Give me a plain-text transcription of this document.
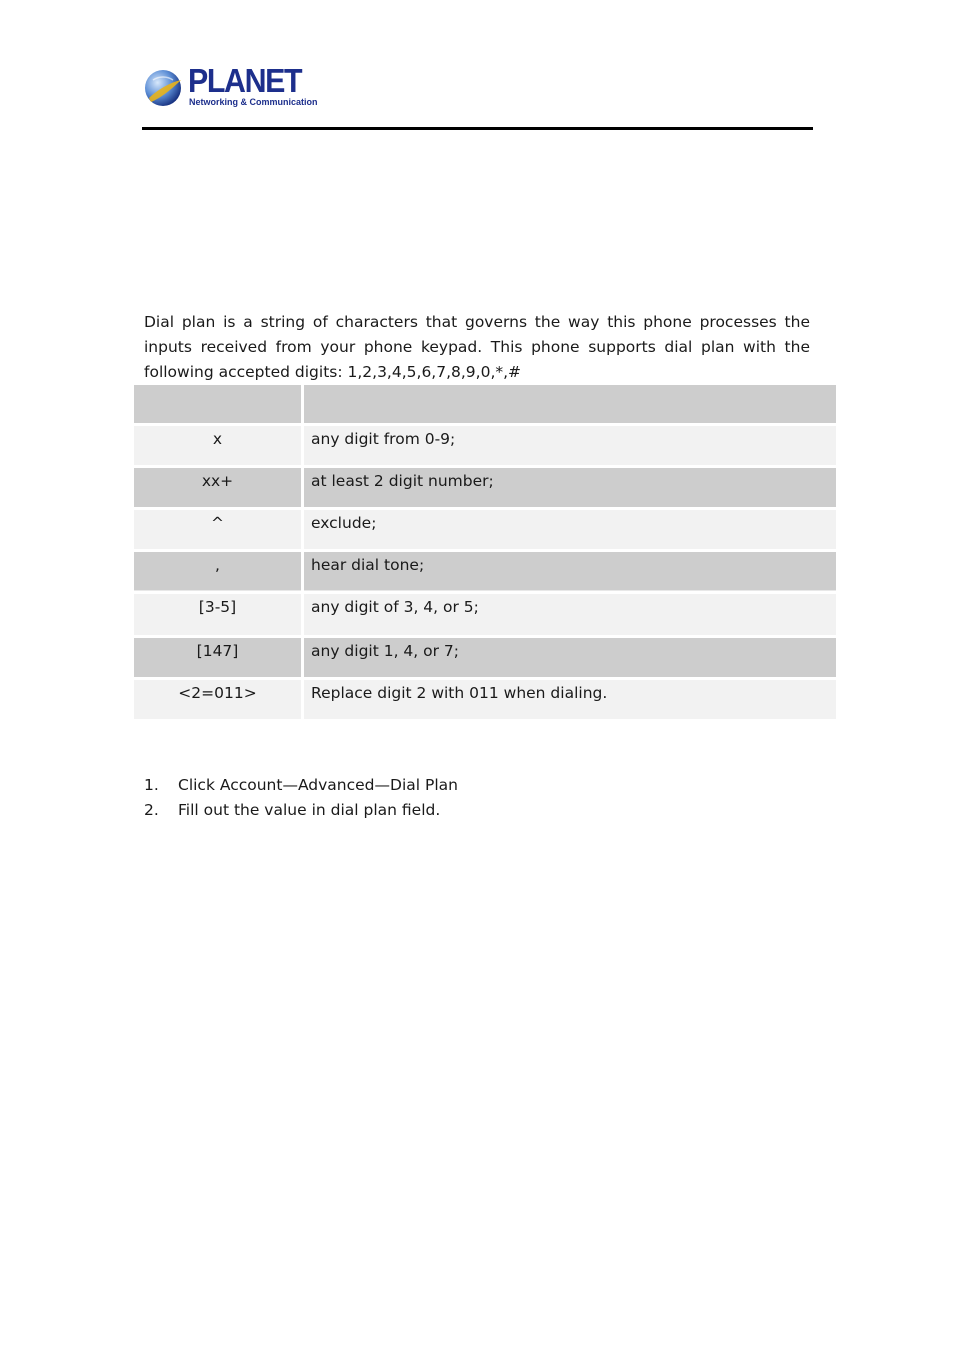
PLANET
Networking & Communication

Dial plan is a string of characters that governs the way this phone processes the inputs received from your phone keypad. This phone supports dial plan with the following accepted digits: 1,2,3,4,5,6,7,8,9,0,*,#

x	any digit from 0-9;
xx+	at least 2 digit number;
^	exclude;
,	hear dial tone;
[3-5]	any digit of 3, 4, or 5;
[147]	any digit 1, 4, or 7;
<2=011>	Replace digit 2 with 011 when dialing.
1.	Click Account—Advanced—Dial Plan
2.	Fill out the value in dial plan field.
